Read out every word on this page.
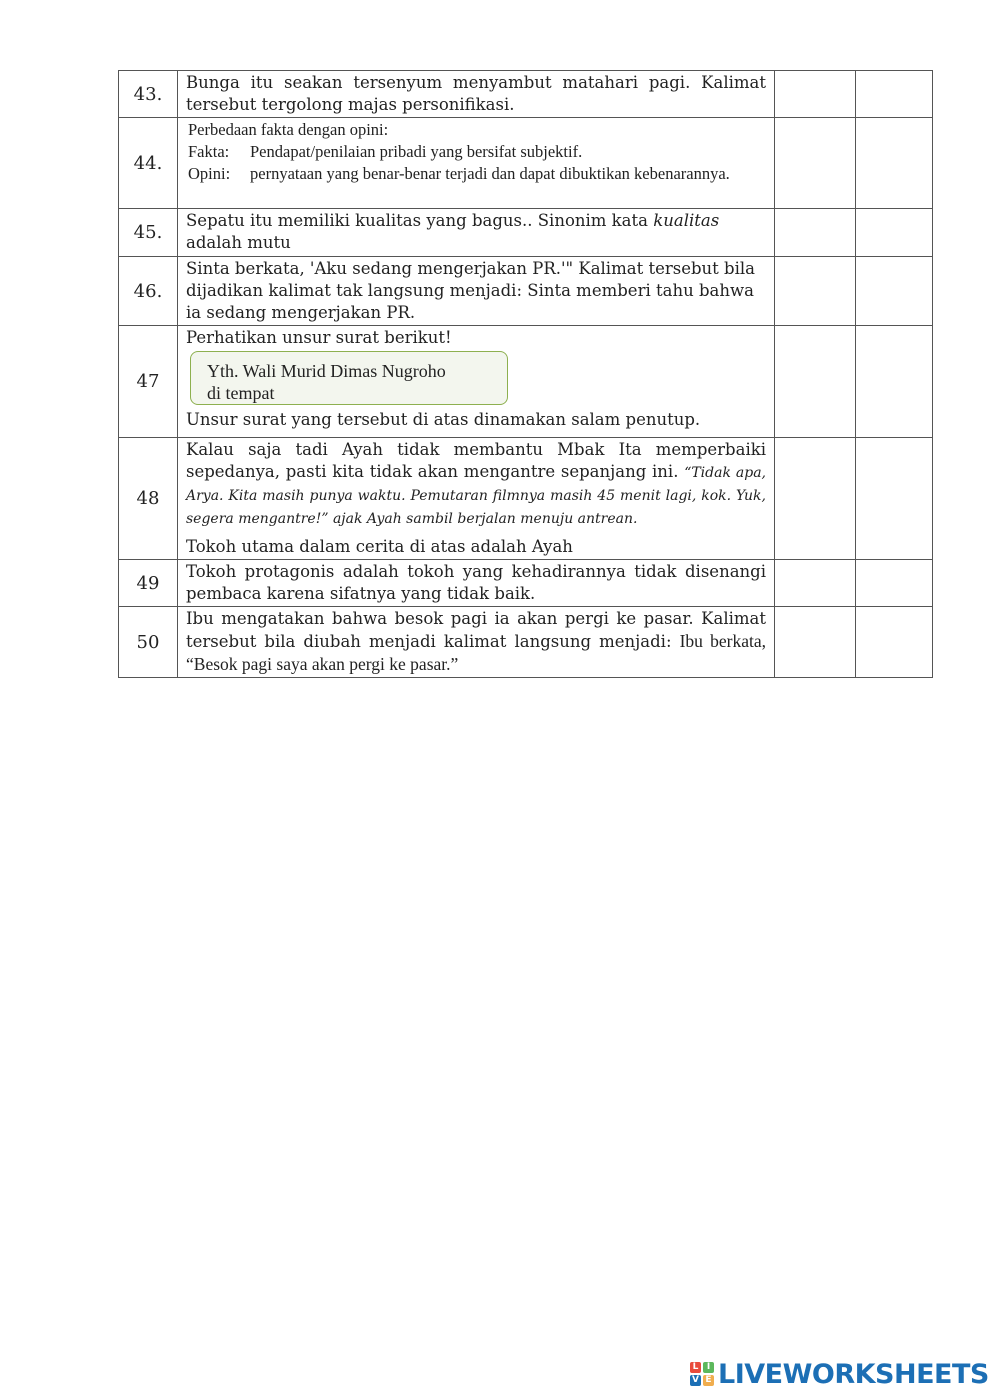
43.	Bunga itu seakan tersenyum menyambut matahari pagi. Kalimat tersebut tergolong majas personifikasi.		
44.	Perbedaan fakta dengan opini:
Fakta: Pendapat/penilaian pribadi yang bersifat subjektif.
Opini: pernyataan yang benar-benar terjadi dan dapat dibuktikan kebenarannya.		

45.	Sepatu itu memiliki kualitas yang bagus.. Sinonim kata kualitas adalah mutu		
46.	Sinta berkata, 'Aku sedang mengerjakan PR.'" Kalimat tersebut bila dijadikan kalimat tak langsung menjadi: Sinta memberi tahu bahwa ia sedang mengerjakan PR.		
47	Perhatikan unsur surat berikut!
Yth. Wali Murid Dimas Nugroho
di tempat
Unsur surat yang tersebut di atas dinamakan salam penutup.		

48	Kalau saja tadi Ayah tidak membantu Mbak Ita memperbaiki sepedanya, pasti kita tidak akan mengantre sepanjang ini. “Tidak apa, Arya. Kita masih punya waktu. Pemutaran filmnya masih 45 menit lagi, kok. Yuk, segera mengantre!” ajak Ayah sambil berjalan menuju antrean.
Tokoh utama dalam cerita di atas adalah Ayah		

49	Tokoh protagonis adalah tokoh yang kehadirannya tidak disenangi pembaca karena sifatnya yang tidak baik.		
50	Ibu mengatakan bahwa besok pagi ia akan pergi ke pasar. Kalimat tersebut bila diubah menjadi kalimat langsung menjadi: Ibu berkata, “Besok pagi saya akan pergi ke pasar.”		
L I
V E LIVEWORKSHEETS
